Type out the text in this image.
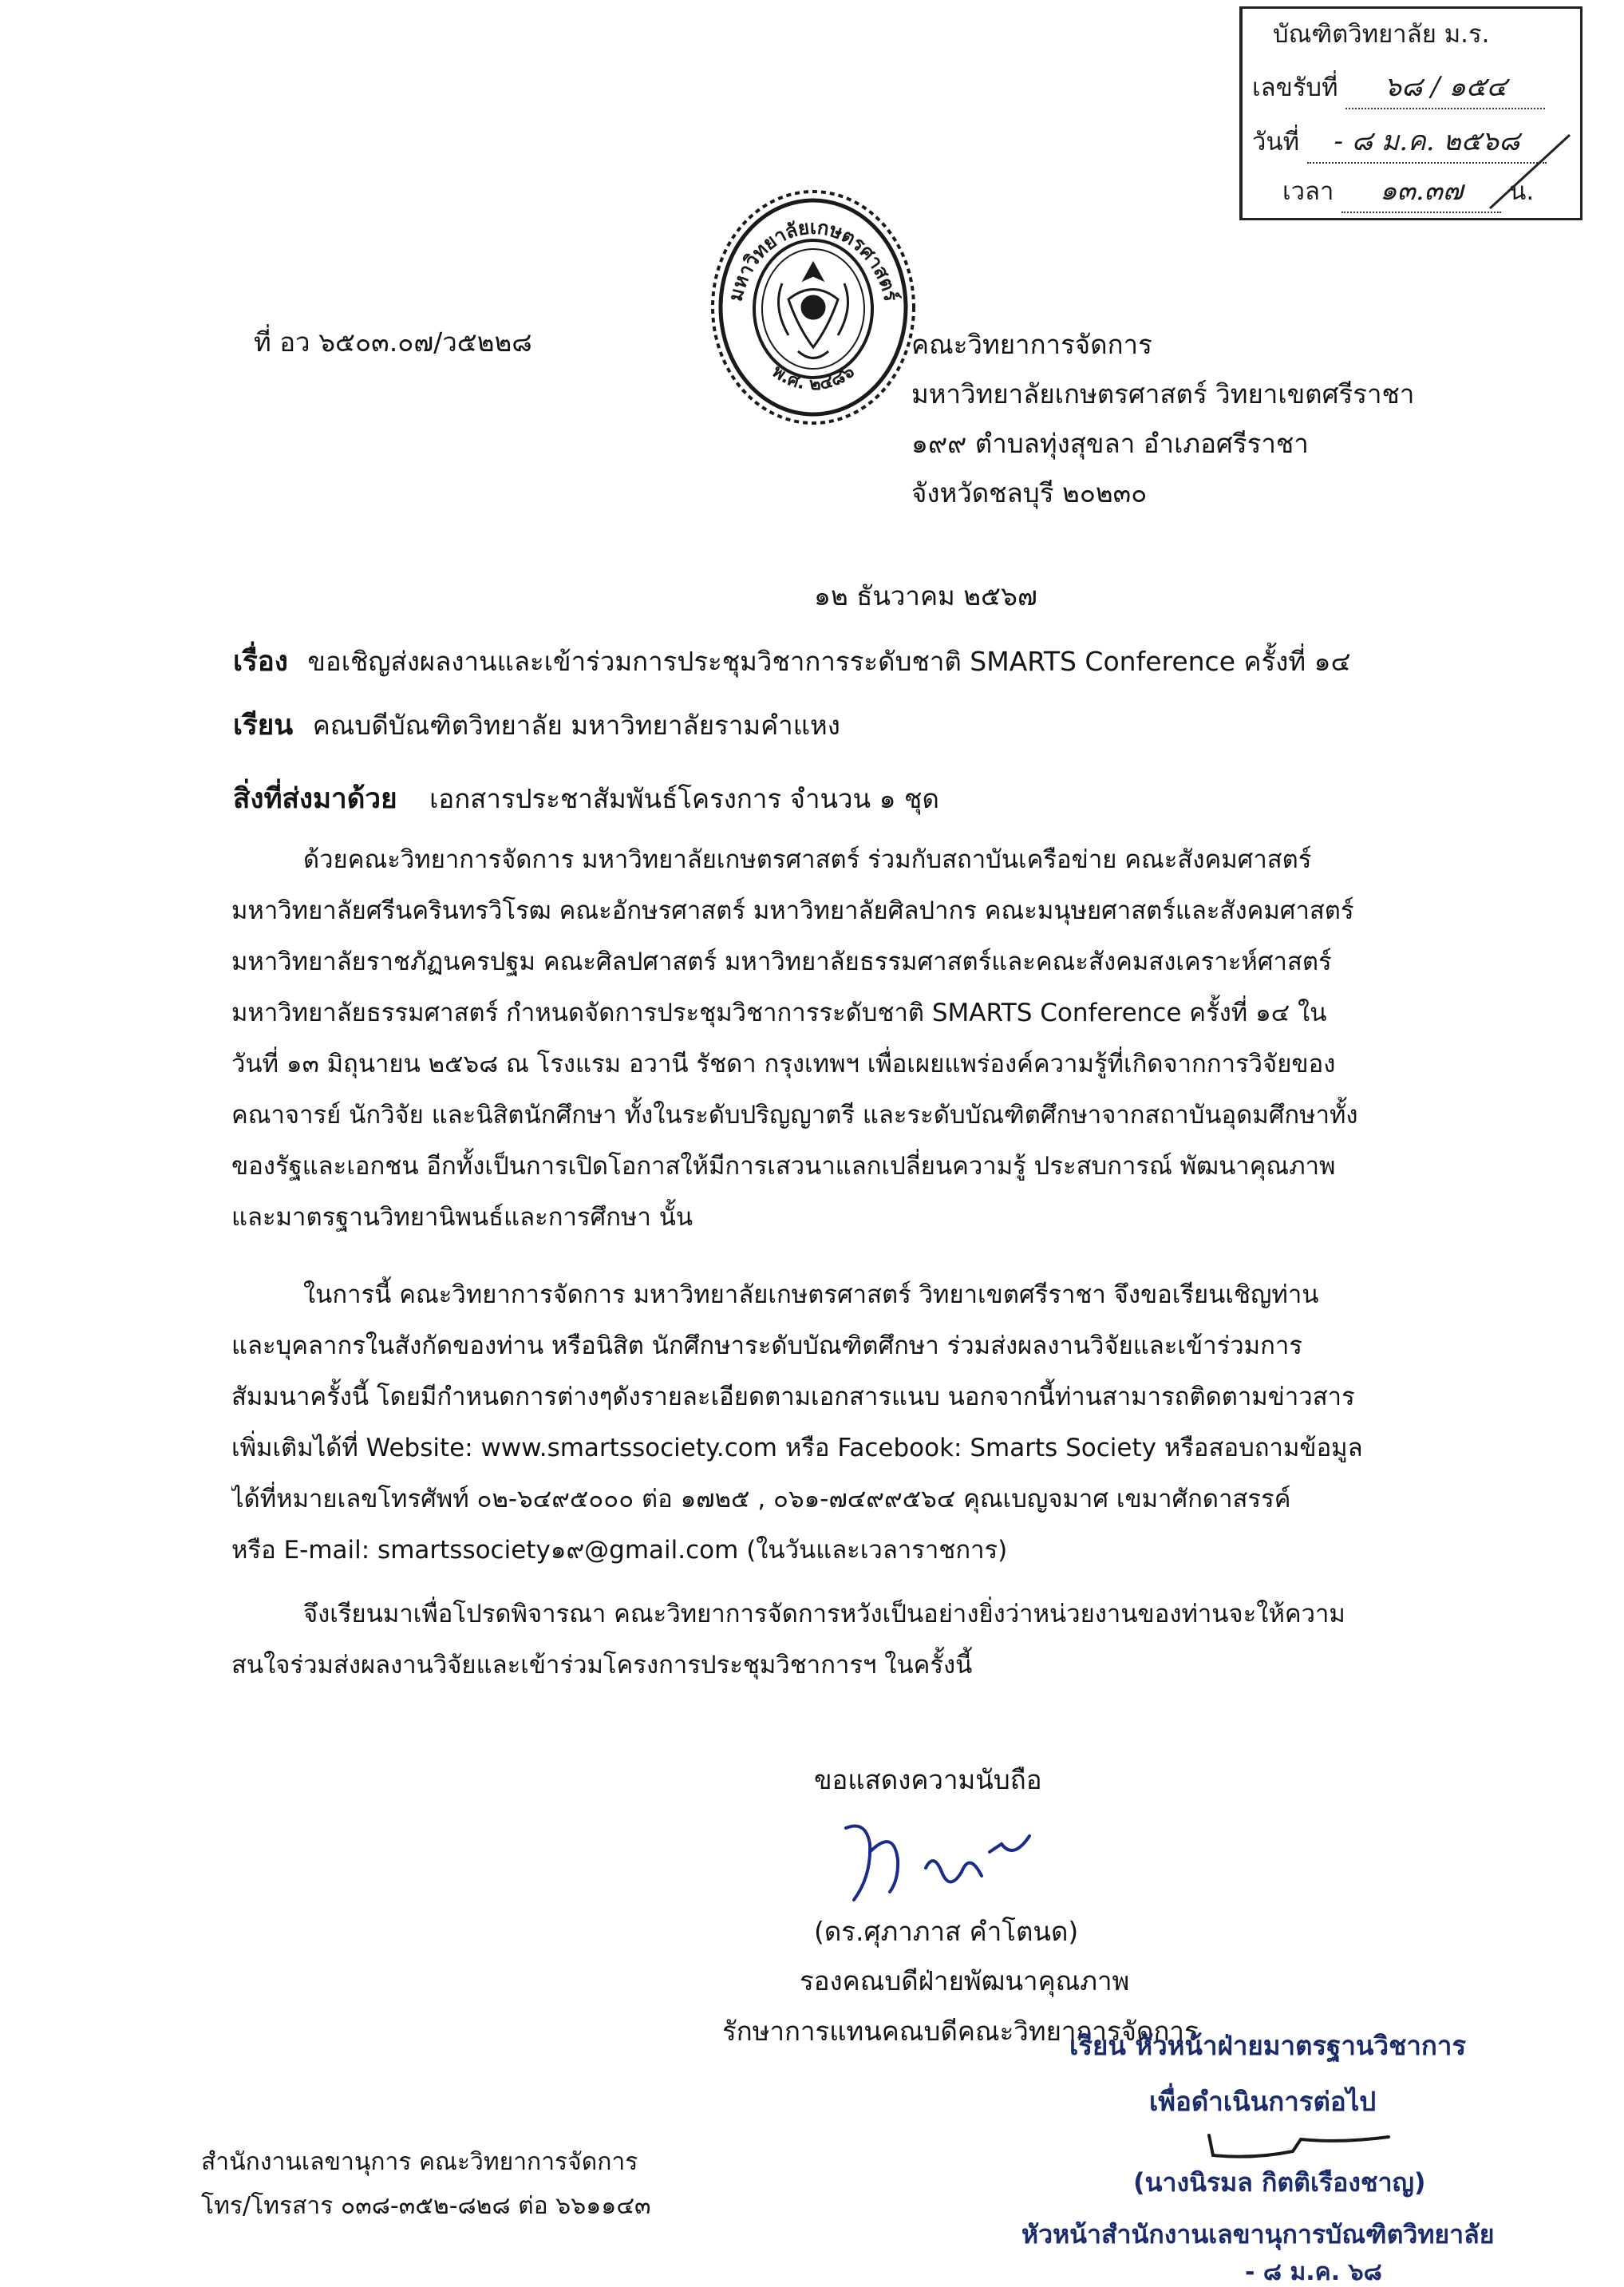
บัณฑิตวิทยาลัย ม.ร.
เลขรับที่ ๖๘ / ๑๕๔
วันที่ - ๘ ม.ค. ๒๕๖๘
เวลา ๑๓.๓๗ น.
มหาวิทยาลัยเกษตรศาสตร์
พ.ศ. ๒๔๘๖
ที่ อว ๖๕๐๓.๐๗/ว๕๒๒๘	คณะวิทยาการจัดการ
มหาวิทยาลัยเกษตรศาสตร์ วิทยาเขตศรีราชา
๑๙๙ ตำบลทุ่งสุขลา อำเภอศรีราชา
จังหวัดชลบุรี ๒๐๒๓๐
๑๒ ธันวาคม ๒๕๖๗
เรื่อง ขอเชิญส่งผลงานและเข้าร่วมการประชุมวิชาการระดับชาติ SMARTS Conference ครั้งที่ ๑๔
เรียน คณบดีบัณฑิตวิทยาลัย มหาวิทยาลัยรามคำแหง
สิ่งที่ส่งมาด้วย เอกสารประชาสัมพันธ์โครงการ จำนวน ๑ ชุด
ด้วยคณะวิทยาการจัดการ มหาวิทยาลัยเกษตรศาสตร์ ร่วมกับสถาบันเครือข่าย คณะสังคมศาสตร์
มหาวิทยาลัยศรีนครินทรวิโรฒ คณะอักษรศาสตร์ มหาวิทยาลัยศิลปากร คณะมนุษยศาสตร์และสังคมศาสตร์
มหาวิทยาลัยราชภัฏนครปฐม คณะศิลปศาสตร์ มหาวิทยาลัยธรรมศาสตร์และคณะสังคมสงเคราะห์ศาสตร์
มหาวิทยาลัยธรรมศาสตร์ กำหนดจัดการประชุมวิชาการระดับชาติ SMARTS Conference ครั้งที่ ๑๔ ใน
วันที่ ๑๓ มิถุนายน ๒๕๖๘ ณ โรงแรม อวานี รัชดา กรุงเทพฯ เพื่อเผยแพร่องค์ความรู้ที่เกิดจากการวิจัยของ
คณาจารย์ นักวิจัย และนิสิตนักศึกษา ทั้งในระดับปริญญาตรี และระดับบัณฑิตศึกษาจากสถาบันอุดมศึกษาทั้ง
ของรัฐและเอกชน อีกทั้งเป็นการเปิดโอกาสให้มีการเสวนาแลกเปลี่ยนความรู้ ประสบการณ์ พัฒนาคุณภาพ
และมาตรฐานวิทยานิพนธ์และการศึกษา นั้น
ในการนี้ คณะวิทยาการจัดการ มหาวิทยาลัยเกษตรศาสตร์ วิทยาเขตศรีราชา จึงขอเรียนเชิญท่าน
และบุคลากรในสังกัดของท่าน หรือนิสิต นักศึกษาระดับบัณฑิตศึกษา ร่วมส่งผลงานวิจัยและเข้าร่วมการ
สัมมนาครั้งนี้ โดยมีกำหนดการต่างๆดังรายละเอียดตามเอกสารแนบ นอกจากนี้ท่านสามารถติดตามข่าวสาร
เพิ่มเติมได้ที่ Website: www.smartssociety.com หรือ Facebook: Smarts Society หรือสอบถามข้อมูล
ได้ที่หมายเลขโทรศัพท์ ๐๒-๖๔๙๕๐๐๐ ต่อ ๑๗๒๕ , ๐๖๑-๗๔๙๙๕๖๔ คุณเบญจมาศ เขมาศักดาสรรค์
หรือ E-mail: smartssociety๑๙@gmail.com (ในวันและเวลาราชการ)
จึงเรียนมาเพื่อโปรดพิจารณา คณะวิทยาการจัดการหวังเป็นอย่างยิ่งว่าหน่วยงานของท่านจะให้ความ
สนใจร่วมส่งผลงานวิจัยและเข้าร่วมโครงการประชุมวิชาการฯ ในครั้งนี้
ขอแสดงความนับถือ
(ดร.ศุภาภาส คำโตนด)
รองคณบดีฝ่ายพัฒนาคุณภาพ
รักษาการแทนคณบดีคณะวิทยาการจัดการ
เรียน หัวหน้าฝ่ายมาตรฐานวิชาการ
เพื่อดำเนินการต่อไป
(นางนิรมล กิตติเรืองชาญ)
หัวหน้าสำนักงานเลขานุการบัณฑิตวิทยาลัย
- ๘ ม.ค. ๖๘
สำนักงานเลขานุการ คณะวิทยาการจัดการ
โทร/โทรสาร ๐๓๘-๓๕๒-๘๒๘ ต่อ ๖๖๑๑๔๓
